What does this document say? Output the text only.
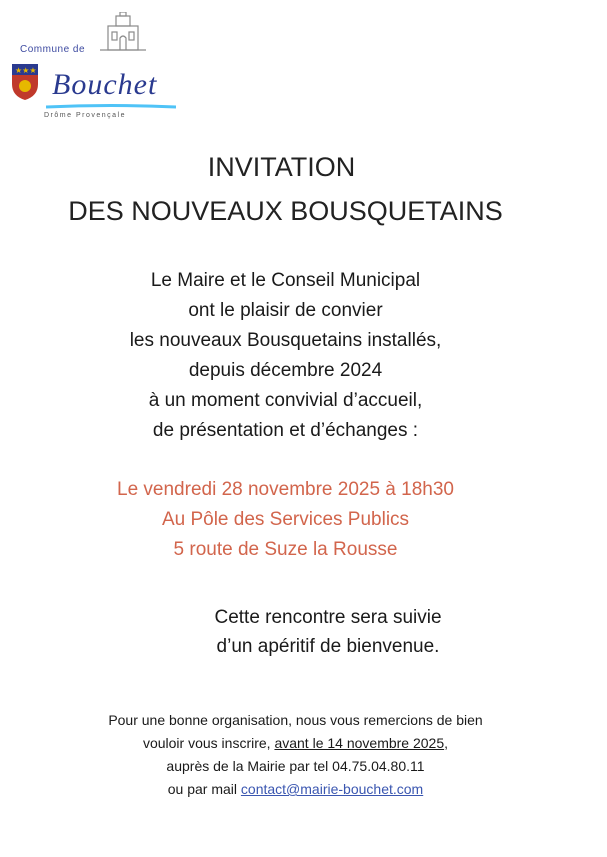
Commune de
★★★ Bouchet
Drôme Provençale
INVITATION
DES NOUVEAUX BOUSQUETAINS
Le Maire et le Conseil Municipal
ont le plaisir de convier
les nouveaux Bousquetains installés,
depuis décembre 2024
à un moment convivial d’accueil,
de présentation et d’échanges :
Le vendredi 28 novembre 2025 à 18h30
Au Pôle des Services Publics
5 route de Suze la Rousse
Cette rencontre sera suivie
d’un apéritif de bienvenue.
Pour une bonne organisation, nous vous remercions de bien
vouloir vous inscrire, avant le 14 novembre 2025,
auprès de la Mairie par tel 04.75.04.80.11
ou par mail contact@mairie-bouchet.com
